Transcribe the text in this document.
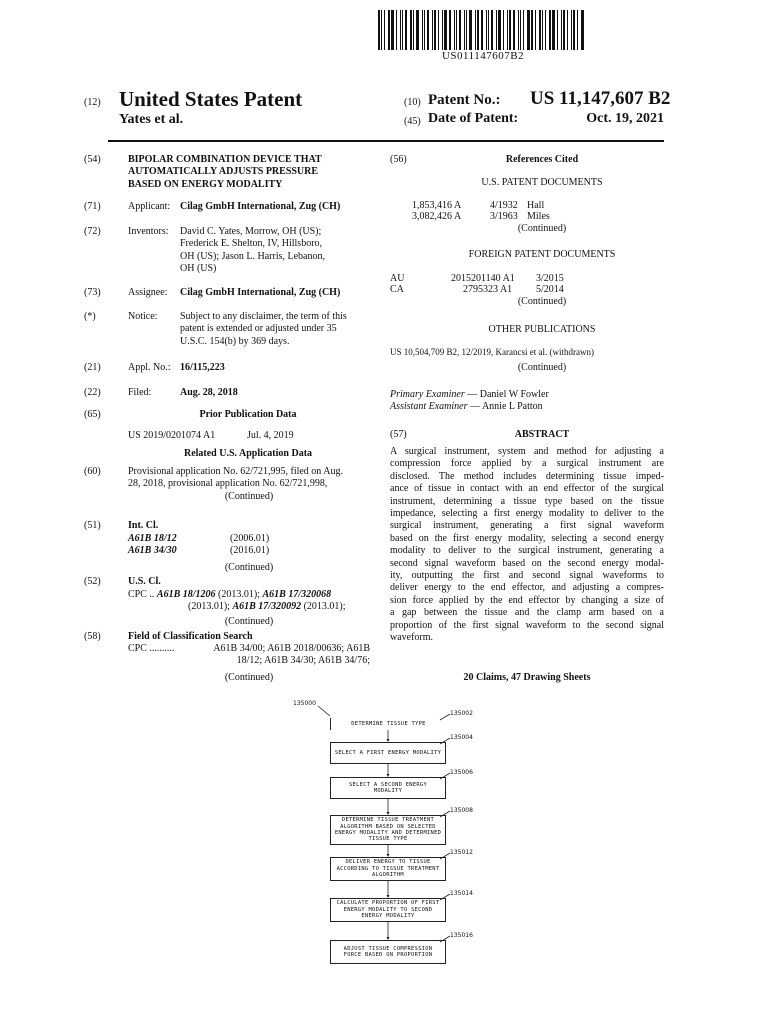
US011147607B2
(12) United States Patent
Yates et al.
(10) Patent No.: US 11,147,607 B2
(45) Date of Patent:	Oct. 19, 2021
(54)	BIPOLAR COMBINATION DEVICE THAT
AUTOMATICALLY ADJUSTS PRESSURE
BASED ON ENERGY MODALITY
(71)	Applicant: Cilag GmbH International, Zug (CH)
(72)	Inventors: David C. Yates, Morrow, OH (US);
Frederick E. Shelton, IV, Hillsboro,
OH (US); Jason L. Harris, Lebanon,
OH (US)
(73)	Assignee: Cilag GmbH International, Zug (CH)
(*)	Notice: Subject to any disclaimer, the term of this
patent is extended or adjusted under 35
U.S.C. 154(b) by 369 days.
(21)	Appl. No.: 16/115,223
(22)	Filed:	Aug. 28, 2018
(65)	Prior Publication Data
US 2019/0201074 A1	Jul. 4, 2019
Related U.S. Application Data
(60)	Provisional application No. 62/721,995, filed on Aug.
28, 2018, provisional application No. 62/721,998,
(Continued)
(51)	Int. Cl.
A61B 18/12	(2006.01)
A61B 34/30	(2016.01)
(Continued)
(52)	U.S. Cl.
CPC .. A61B 18/1206 (2013.01); A61B 17/320068
(2013.01); A61B 17/320092 (2013.01);
(Continued)
(58)	Field of Classification Search
CPC ..........	A61B 34/00; A61B 2018/00636; A61B
18/12; A61B 34/30; A61B 34/76;
(Continued)
(56)	References Cited
U.S. PATENT DOCUMENTS
1,853,416 A	4/1932 Hall
3,082,426 A	3/1963 Miles
(Continued)
FOREIGN PATENT DOCUMENTS
AU	2015201140 A1 3/2015
CA	2795323 A1 5/2014
(Continued)
OTHER PUBLICATIONS
US 10,504,709 B2, 12/2019, Karancsi et al. (withdrawn)
(Continued)
Primary Examiner — Daniel W Fowler
Assistant Examiner — Annie L Patton
(57)	ABSTRACT
A surgical instrument, system and method for adjusting a
compression force applied by a surgical instrument are
disclosed. The method includes determining tissue imped-
ance of tissue in contact with an end effector of the surgical
instrument, determining a tissue type based on the tissue
impedance, selecting a first energy modality to deliver to the
surgical instrument, generating a first signal waveform
based on the first energy modality, selecting a second energy
modality to deliver to the surgical instrument, generating a
second signal waveform based on the second energy modal-
ity, outputting the first and second signal waveforms to
deliver energy to the end effector, and adjusting a compres-
sion force applied by the end effector by changing a size of
a gap between the tissue and the clamp arm based on a
proportion of the first signal waveform to the second signal
waveform.
20 Claims, 47 Drawing Sheets
135000
DETERMINE TISSUE TYPE
135002
SELECT A FIRST ENERGY MODALITY
135004
SELECT A SECOND ENERGY MODALITY
135006
DETERMINE TISSUE TREATMENT ALGORITHM BASED ON SELECTED ENERGY MODALITY AND DETERMINED TISSUE TYPE
135008
DELIVER ENERGY TO TISSUE ACCORDING TO TISSUE TREATMENT ALGORITHM
135012
CALCULATE PROPORTION OF FIRST ENERGY MODALITY TO SECOND ENERGY MODALITY
135014
ADJUST TISSUE COMPRESSION FORCE BASED ON PROPORTION
135016
